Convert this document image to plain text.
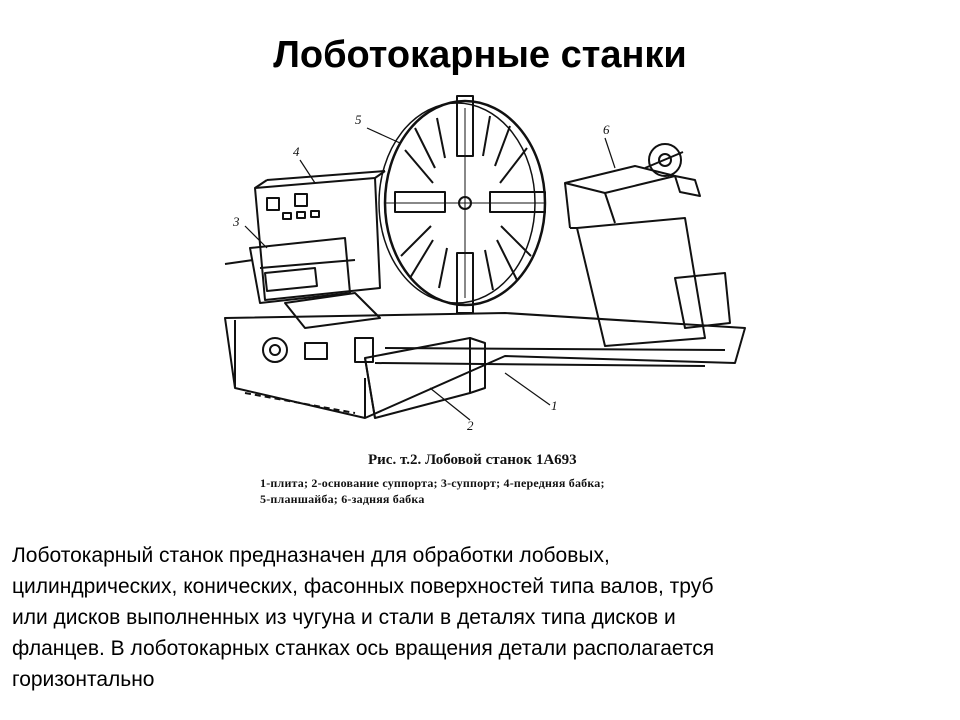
Лоботокарные станки
5
4
3
6
2
1
Рис. т.2. Лобовой станок 1А693
1-плита; 2-основание суппорта; 3-суппорт; 4-передняя бабка;
5-планшайба; 6-задняя бабка
Лоботокарный станок предназначен для обработки лобовых,
цилиндрических, конических, фасонных поверхностей типа валов, труб
или дисков выполненных из чугуна и стали в деталях типа дисков и
фланцев. В лоботокарных станках ось вращения детали располагается
горизонтально
